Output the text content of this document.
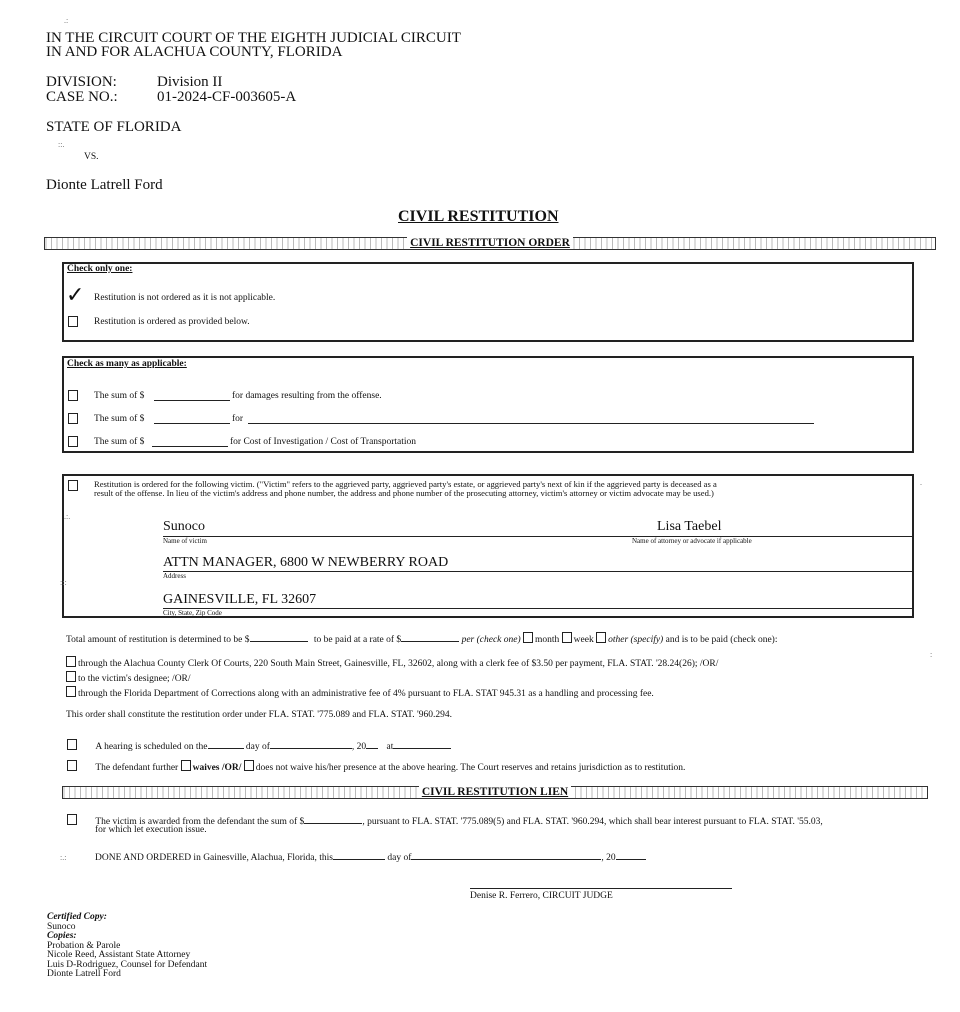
IN THE CIRCUIT COURT OF THE EIGHTH JUDICIAL CIRCUIT
IN AND FOR ALACHUA COUNTY, FLORIDA
DIVISION:	Division II
CASE NO.:	01-2024-CF-003605-A
STATE OF FLORIDA
VS.
Dionte Latrell Ford
CIVIL RESTITUTION
CIVIL RESTITUTION ORDER
Check only one:
✓ Restitution is not ordered as it is not applicable.
Restitution is ordered as provided below.
Check as many as applicable:
The sum of $	for damages resulting from the offense.
The sum of $	for
The sum of $	for Cost of Investigation / Cost of Transportation
Restitution is ordered for the following victim. ("Victim" refers to the aggrieved party, aggrieved party's estate, or aggrieved party's next of kin if the aggrieved party is deceased as a
result of the offense. In lieu of the victim's address and phone number, the address and phone number of the prosecuting attorney, victim's attorney or victim advocate may be used.)
Sunoco	Lisa Taebel
Name of victim	Name of attorney or advocate if applicable
ATTN MANAGER, 6800 W NEWBERRY ROAD
Address
GAINESVILLE, FL 32607
City, State, Zip Code
Total amount of restitution is determined to be $	to be paid at a rate of $	per (check one) month week other (specify) and is to be paid (check one):
through the Alachua County Clerk Of Courts, 220 South Main Street, Gainesville, FL, 32602, along with a clerk fee of $3.50 per payment, FLA. STAT. '28.24(26); /OR/
to the victim's designee; /OR/
through the Florida Department of Corrections along with an administrative fee of 4% pursuant to FLA. STAT 945.31 as a handling and processing fee.
This order shall constitute the restitution order under FLA. STAT. '775.089 and FLA. STAT. '960.294.
A hearing is scheduled on the	day of	, 20 at
The defendant further waives /OR/ does not waive his/her presence at the above hearing. The Court reserves and retains jurisdiction as to restitution.
CIVIL RESTITUTION LIEN
The victim is awarded from the defendant the sum of $	, pursuant to FLA. STAT. '775.089(5) and FLA. STAT. '960.294, which shall bear interest pursuant to FLA. STAT. '55.03,
for which let execution issue.
DONE AND ORDERED in Gainesville, Alachua, Florida, this	day of	, 20
Denise R. Ferrero, CIRCUIT JUDGE
Certified Copy:
Sunoco
Copies:
Probation & Parole
Nicole Reed, Assistant State Attorney
Luis D-Rodriguez, Counsel for Defendant
Dionte Latrell Ford
.:
::.
.:.
:::
:.:
.
:
